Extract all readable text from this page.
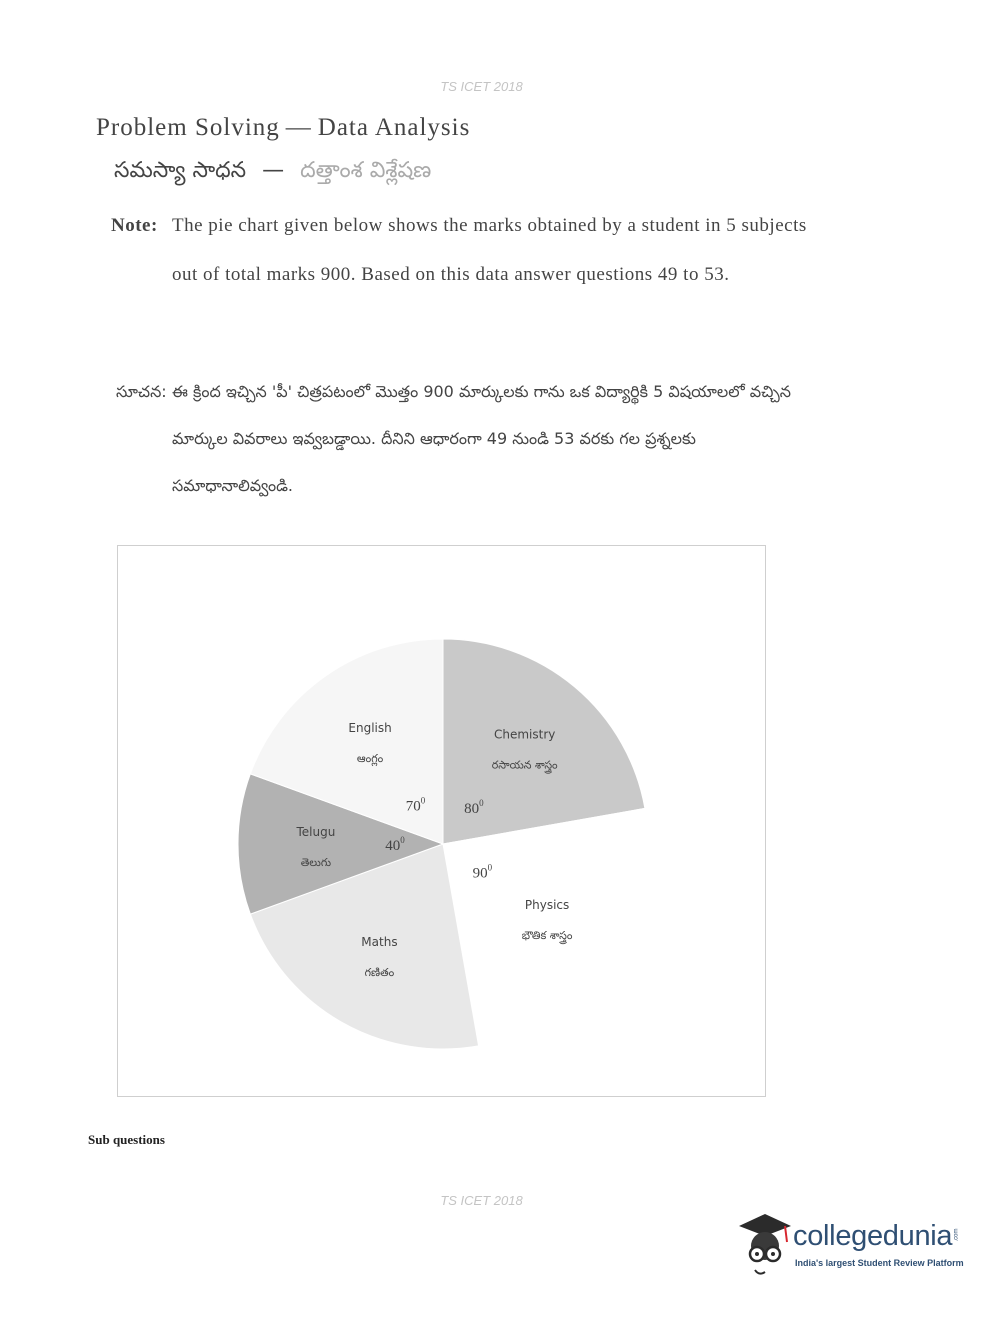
TS ICET 2018
Problem Solving — Data Analysis
సమస్యా సాధన — దత్తాంశ విశ్లేషణ
Note: The pie chart given below shows the marks obtained by a student in 5 subjects out of total marks 900. Based on this data answer questions 49 to 53.
సూచన: ఈ క్రింద ఇచ్చిన 'పీ' చిత్రపటంలో మొత్తం 900 మార్కులకు గాను ఒక విద్యార్థికి 5 విషయాలలో వచ్చిన మార్కుల వివరాలు ఇవ్వబడ్డాయి. దీనిని ఆధారంగా 49 నుండి 53 వరకు గల ప్రశ్నలకు సమాధానాలివ్వండి.
Chemistry
రసాయన శాస్త్రం
$80^0$
Physics
భౌతిక శాస్త్రం
$90^0$
Maths
గణితం
Telugu
తెలుగు
$40^0$
English
ఆంగ్లం
$70^0$
Sub questions
TS ICET 2018
collegedunia .com
India's largest Student Review Platform
